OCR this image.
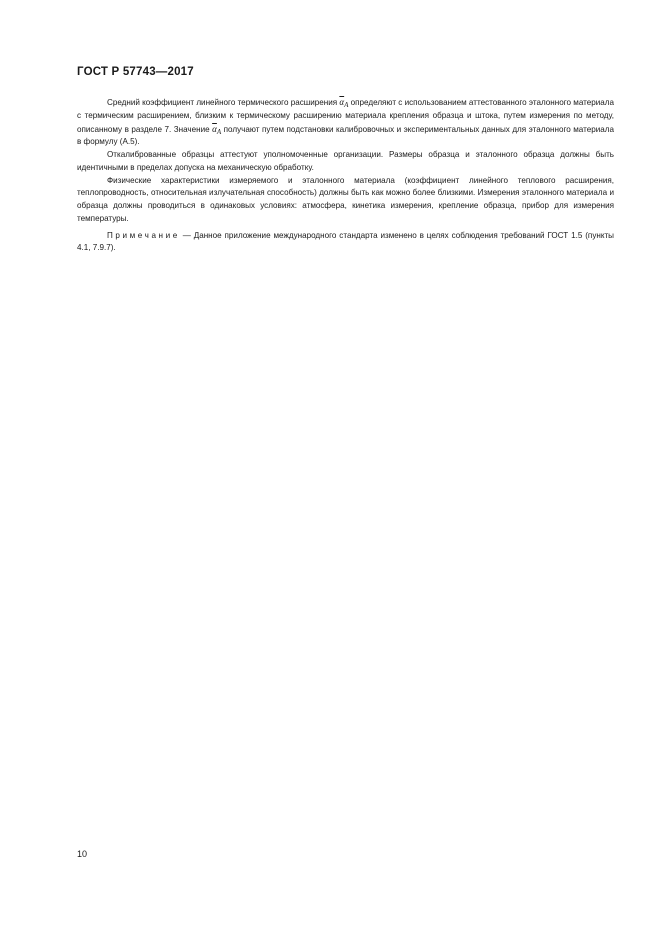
ГОСТ Р 57743—2017

Средний коэффициент линейного термического расширения $\overline{\alpha}_A$ определяют с использованием аттестованного эталонного материала с термическим расширением, близким к термическому расширению материала крепления образца и штока, путем измерения по методу, описанному в разделе 7. Значение $\overline{\alpha}_A$ получают путем подстановки калибровочных и экспериментальных данных для эталонного материала в формулу (А.5).

Откалиброванные образцы аттестуют уполномоченные организации. Размеры образца и эталонного образца должны быть идентичными в пределах допуска на механическую обработку.

Физические характеристики измеряемого и эталонного материала (коэффициент линейного теплового расширения, теплопроводность, относительная излучательная способность) должны быть как можно более близкими. Измерения эталонного материала и образца должны проводиться в одинаковых условиях: атмосфера, кинетика измерения, крепление образца, прибор для измерения температуры.

Примечание — Данное приложение международного стандарта изменено в целях соблюдения требований ГОСТ 1.5 (пункты 4.1, 7.9.7).

10
